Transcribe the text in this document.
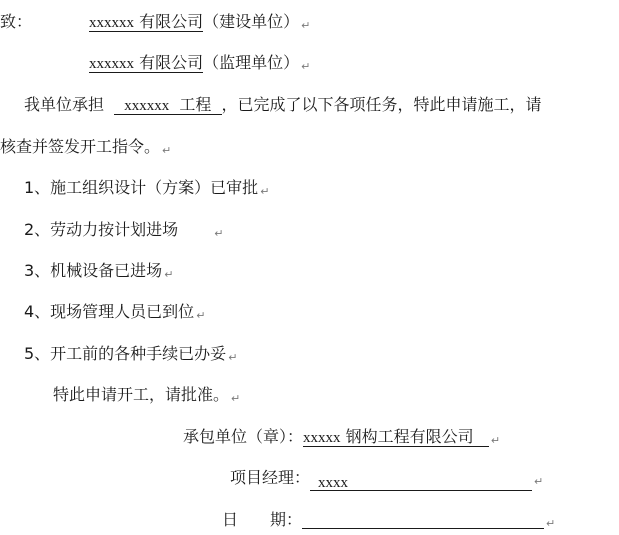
致：	xxxxxx 有限公司（建设单位） ↵
xxxxxx 有限公司（监理单位） ↵
我单位承担 xxxxxx 工程 ，已完成了以下各项任务，特此申请施工，请
核查并签发开工指令。 ↵
1、施工组织设计（方案）已审批 ↵
2、劳动力按计划进场	↵
3、机械设备已进场 ↵
4、现场管理人员已到位 ↵
5、开工前的各种手续已办妥 ↵
特此申请开工，请批准。 ↵
承包单位（章）：xxxxx 钢构工程有限公司 ↵
项目经理： xxxx	↵
日　　期：	↵
